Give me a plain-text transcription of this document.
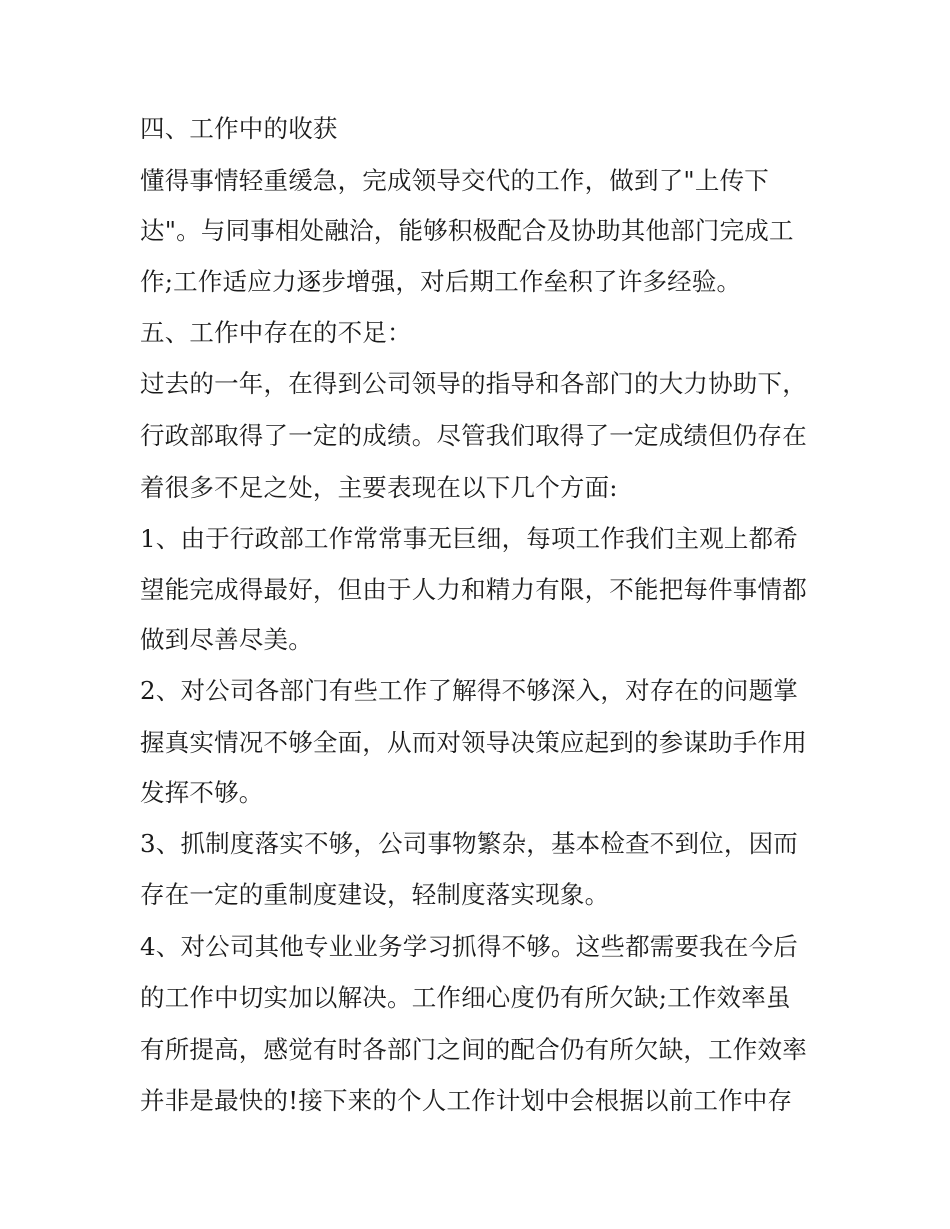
四、工作中的收获
懂得事情轻重缓急，完成领导交代的工作，做到了"上传下
达"。与同事相处融洽，能够积极配合及协助其他部门完成工
作;工作适应力逐步增强，对后期工作垒积了许多经验。
五、工作中存在的不足：
过去的一年，在得到公司领导的指导和各部门的大力协助下，
行政部取得了一定的成绩。尽管我们取得了一定成绩但仍存在
着很多不足之处，主要表现在以下几个方面:
1、由于行政部工作常常事无巨细，每项工作我们主观上都希
望能完成得最好，但由于人力和精力有限，不能把每件事情都
做到尽善尽美。
2、对公司各部门有些工作了解得不够深入，对存在的问题掌
握真实情况不够全面，从而对领导决策应起到的参谋助手作用
发挥不够。
3、抓制度落实不够，公司事物繁杂，基本检查不到位，因而
存在一定的重制度建设，轻制度落实现象。
4、对公司其他专业业务学习抓得不够。这些都需要我在今后
的工作中切实加以解决。工作细心度仍有所欠缺;工作效率虽
有所提高，感觉有时各部门之间的配合仍有所欠缺，工作效率
并非是最快的!接下来的个人工作计划中会根据以前工作中存
